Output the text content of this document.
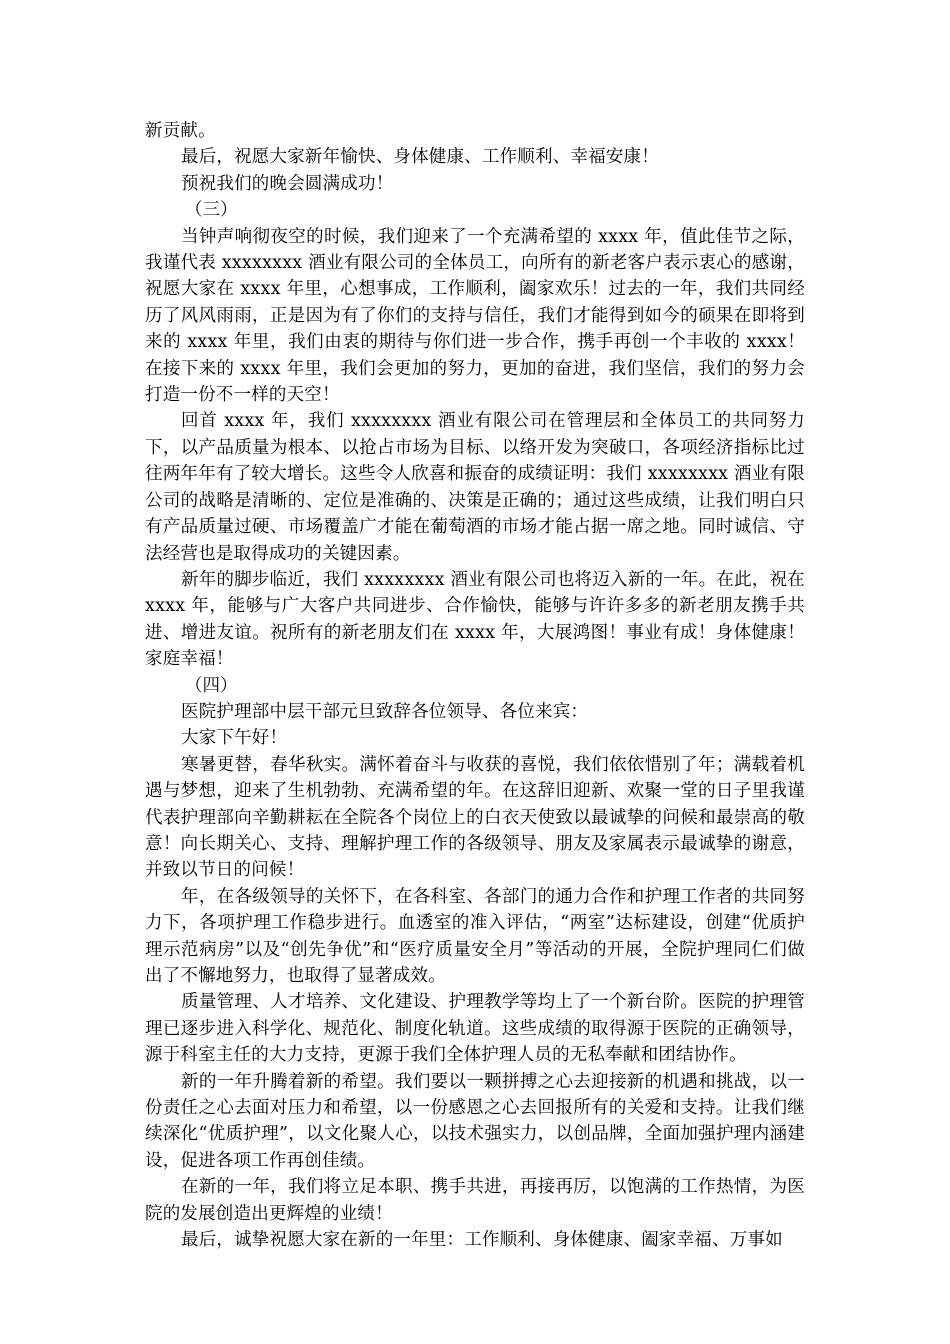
新贡献。

最后，祝愿大家新年愉快、身体健康、工作顺利、幸福安康！

预祝我们的晚会圆满成功！

（三）

当钟声响彻夜空的时候，我们迎来了一个充满希望的 xxxx 年，值此佳节之际，我谨代表 xxxxxxxx 酒业有限公司的全体员工，向所有的新老客户表示衷心的感谢，祝愿大家在 xxxx 年里，心想事成，工作顺利，阖家欢乐！过去的一年，我们共同经历了风风雨雨，正是因为有了你们的支持与信任，我们才能得到如今的硕果在即将到来的 xxxx 年里，我们由衷的期待与你们进一步合作，携手再创一个丰收的 xxxx！在接下来的 xxxx 年里，我们会更加的努力，更加的奋进，我们坚信，我们的努力会打造一份不一样的天空！

回首 xxxx 年，我们 xxxxxxxx 酒业有限公司在管理层和全体员工的共同努力下，以产品质量为根本、以抢占市场为目标、以络开发为突破口，各项经济指标比过往两年年有了较大增长。这些令人欣喜和振奋的成绩证明：我们 xxxxxxxx 酒业有限公司的战略是清晰的、定位是准确的、决策是正确的；通过这些成绩，让我们明白只有产品质量过硬、市场覆盖广才能在葡萄酒的市场才能占据一席之地。同时诚信、守法经营也是取得成功的关键因素。

新年的脚步临近，我们 xxxxxxxx 酒业有限公司也将迈入新的一年。在此，祝在 xxxx 年，能够与广大客户共同进步、合作愉快，能够与许许多多的新老朋友携手共进、增进友谊。祝所有的新老朋友们在 xxxx 年，大展鸿图！事业有成！身体健康！家庭幸福！

（四）

医院护理部中层干部元旦致辞各位领导、各位来宾：

大家下午好！

寒暑更替，春华秋实。满怀着奋斗与收获的喜悦，我们依依惜别了年；满载着机遇与梦想，迎来了生机勃勃、充满希望的年。在这辞旧迎新、欢聚一堂的日子里我谨代表护理部向辛勤耕耘在全院各个岗位上的白衣天使致以最诚挚的问候和最崇高的敬意！向长期关心、支持、理解护理工作的各级领导、朋友及家属表示最诚挚的谢意，并致以节日的问候！

年，在各级领导的关怀下，在各科室、各部门的通力合作和护理工作者的共同努力下，各项护理工作稳步进行。血透室的准入评估，“两室”达标建设，创建“优质护理示范病房”以及“创先争优”和“医疗质量安全月”等活动的开展，全院护理同仁们做出了不懈地努力，也取得了显著成效。

质量管理、人才培养、文化建设、护理教学等均上了一个新台阶。医院的护理管理已逐步进入科学化、规范化、制度化轨道。这些成绩的取得源于医院的正确领导，源于科室主任的大力支持，更源于我们全体护理人员的无私奉献和团结协作。

新的一年升腾着新的希望。我们要以一颗拼搏之心去迎接新的机遇和挑战，以一份责任之心去面对压力和希望，以一份感恩之心去回报所有的关爱和支持。让我们继续深化“优质护理”，以文化聚人心，以技术强实力，以创品牌，全面加强护理内涵建设，促进各项工作再创佳绩。

在新的一年，我们将立足本职、携手共进，再接再厉，以饱满的工作热情，为医院的发展创造出更辉煌的业绩！

最后，诚挚祝愿大家在新的一年里：工作顺利、身体健康、阖家幸福、万事如
